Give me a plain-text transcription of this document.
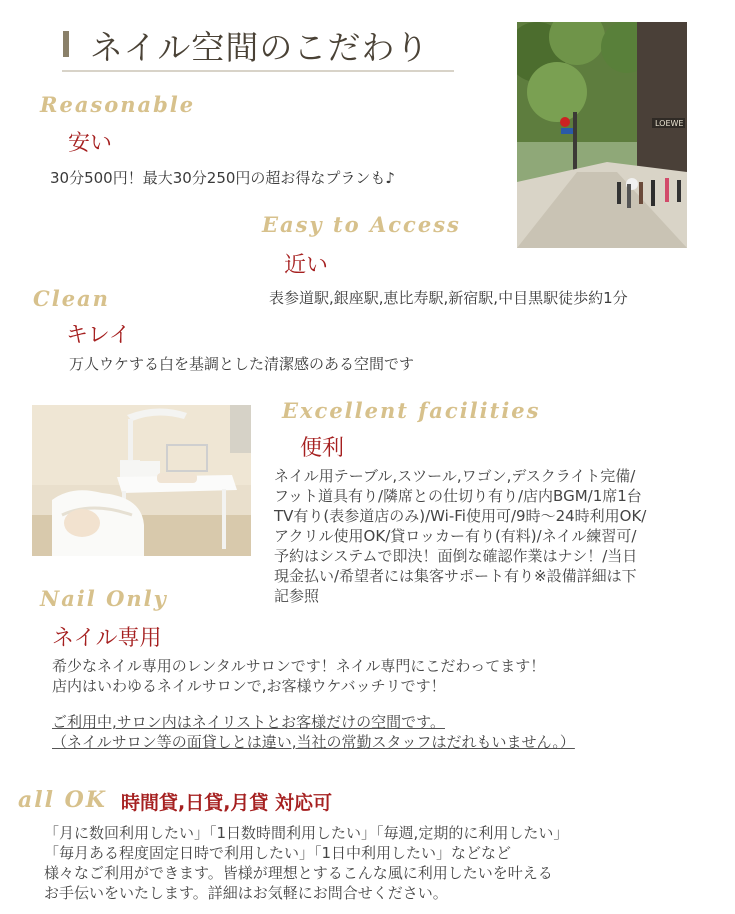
ネイル空間のこだわり
LOEWE
Reasonable
安い
30分500円！最大30分250円の超お得なプランも♪
Easy to Access
近い
表参道駅,銀座駅,恵比寿駅,新宿駅,中目黒駅徒歩約1分
Clean
キレイ
万人ウケする白を基調とした清潔感のある空間です
Excellent facilities
便利
ネイル用テーブル,スツール,ワゴン,デスクライト完備/
フット道具有り/隣席との仕切り有り/店内BGM/1席1台
TV有り(表参道店のみ)/Wi-Fi使用可/9時〜24時利用OK/
アクリル使用OK/貸ロッカー有り(有料)/ネイル練習可/
予約はシステムで即決！面倒な確認作業はナシ！/当日
現金払い/希望者には集客サポート有り※設備詳細は下
記参照
Nail Only
ネイル専用
希少なネイル専用のレンタルサロンです！ネイル専門にこだわってます！
店内はいわゆるネイルサロンで,お客様ウケバッチリです！
ご利用中,サロン内はネイリストとお客様だけの空間です。
（ネイルサロン等の面貸しとは違い,当社の常勤スタッフはだれもいません。）
all OK 時間貸,日貸,月貸 対応可
「月に数回利用したい」「1日数時間利用したい」「毎週,定期的に利用したい」
「毎月ある程度固定日時で利用したい」「1日中利用したい」などなど
様々なご利用ができます。皆様が理想とするこんな風に利用したいを叶える
お手伝いをいたします。詳細はお気軽にお問合せください。
